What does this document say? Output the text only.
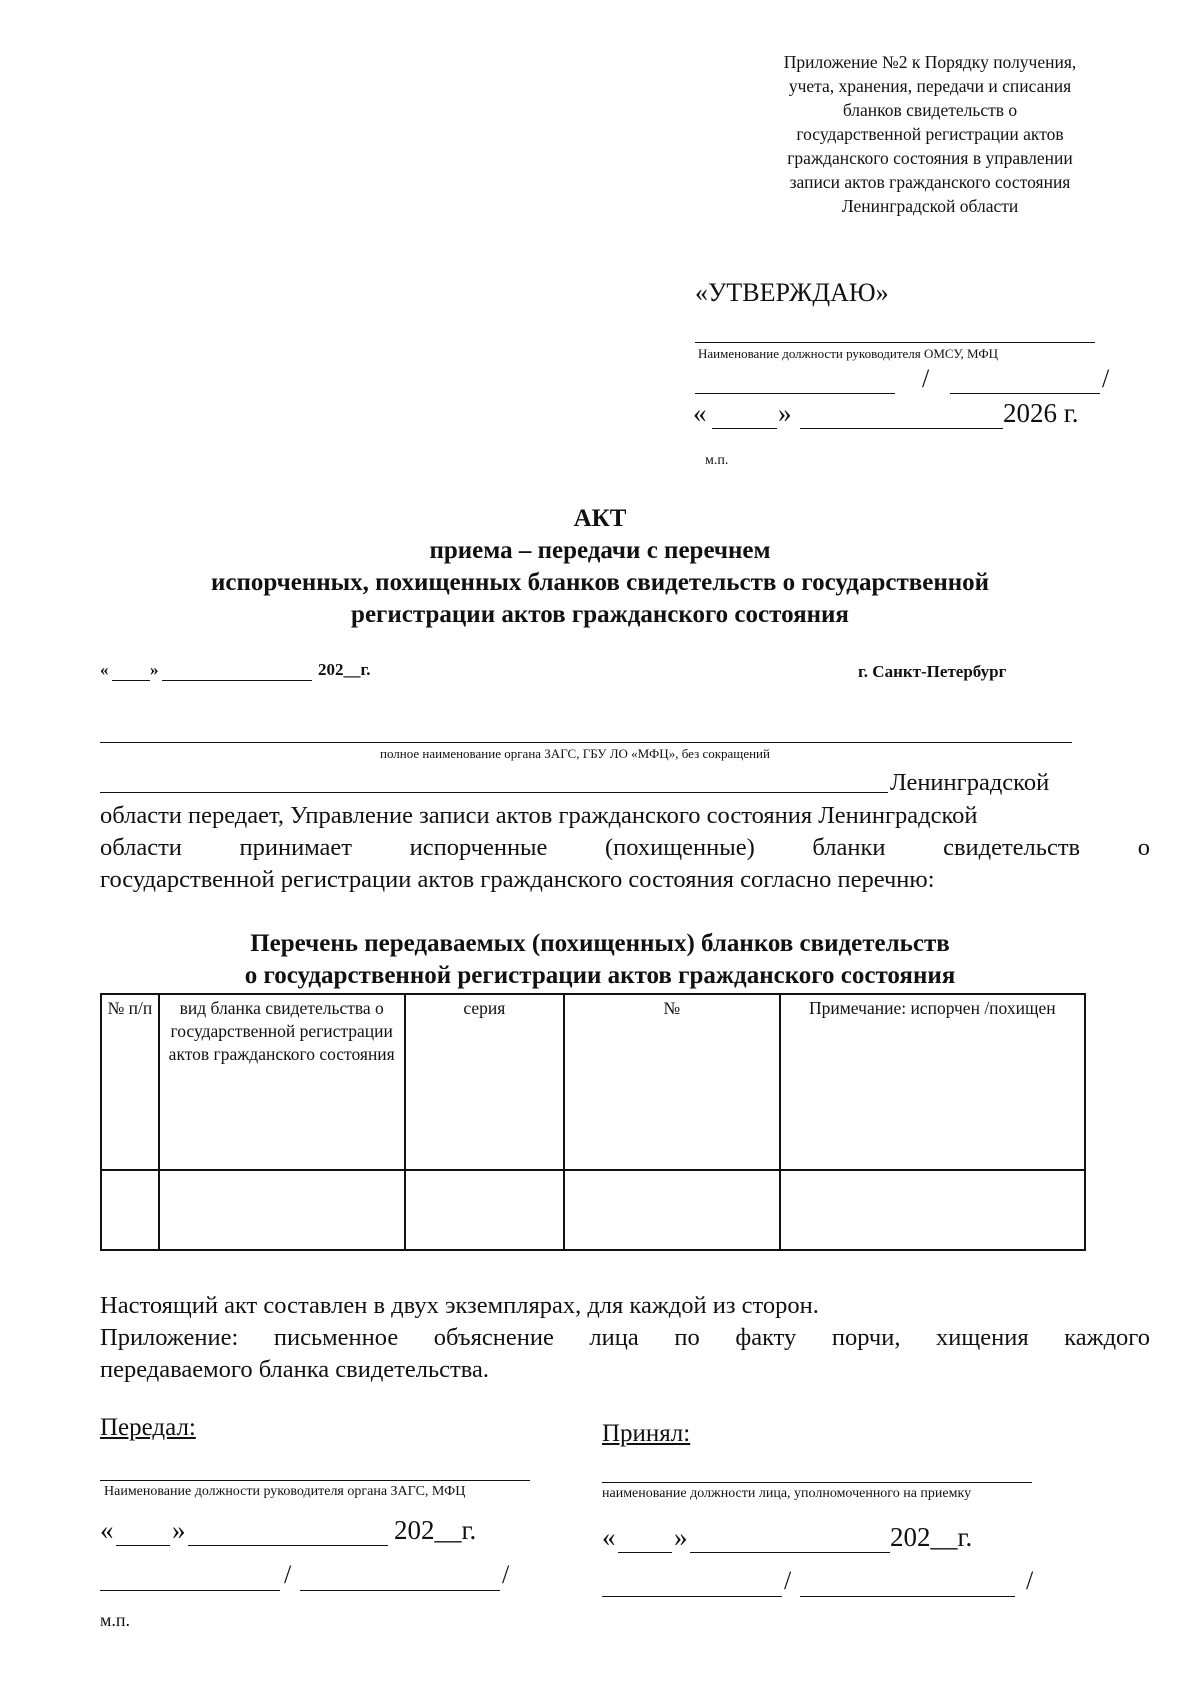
Приложение №2 к Порядку получения,
учета, хранения, передачи и списания
бланков свидетельств о
государственной регистрации актов
гражданского состояния в управлении
записи актов гражданского состояния
Ленинградской области
«УТВЕРЖДАЮ»
Наименование должности руководителя ОМСУ, МФЦ
/	/
«	»	2026 г.
м.п.
АКТ
приема – передачи с перечнем
испорченных, похищенных бланков свидетельств о государственной
регистрации актов гражданского состояния
« »	202__г.	г. Санкт-Петербург
полное наименование органа ЗАГС, ГБУ ЛО «МФЦ», без сокращений
Ленинградской
области передает, Управление записи актов гражданского состояния Ленинградской
области принимает испорченные (похищенные) бланки свидетельств о
государственной регистрации актов гражданского состояния согласно перечню:
Перечень передаваемых (похищенных) бланков свидетельств
о государственной регистрации актов гражданского состояния
№ п/п	вид бланка свидетельства о государственной регистрации актов гражданского состояния	серия	№	Примечание: испорчен /похищен

Настоящий акт составлен в двух экземплярах, для каждой из сторон.
Приложение: письменное объяснение лица по факту порчи, хищения каждого
передаваемого бланка свидетельства.
Передал:
Наименование должности руководителя органа ЗАГС, МФЦ
« »	202__г.
/	/
м.п.
Принял:
наименование должности лица, уполномоченного на приемку
« »	202__г.
/	/
